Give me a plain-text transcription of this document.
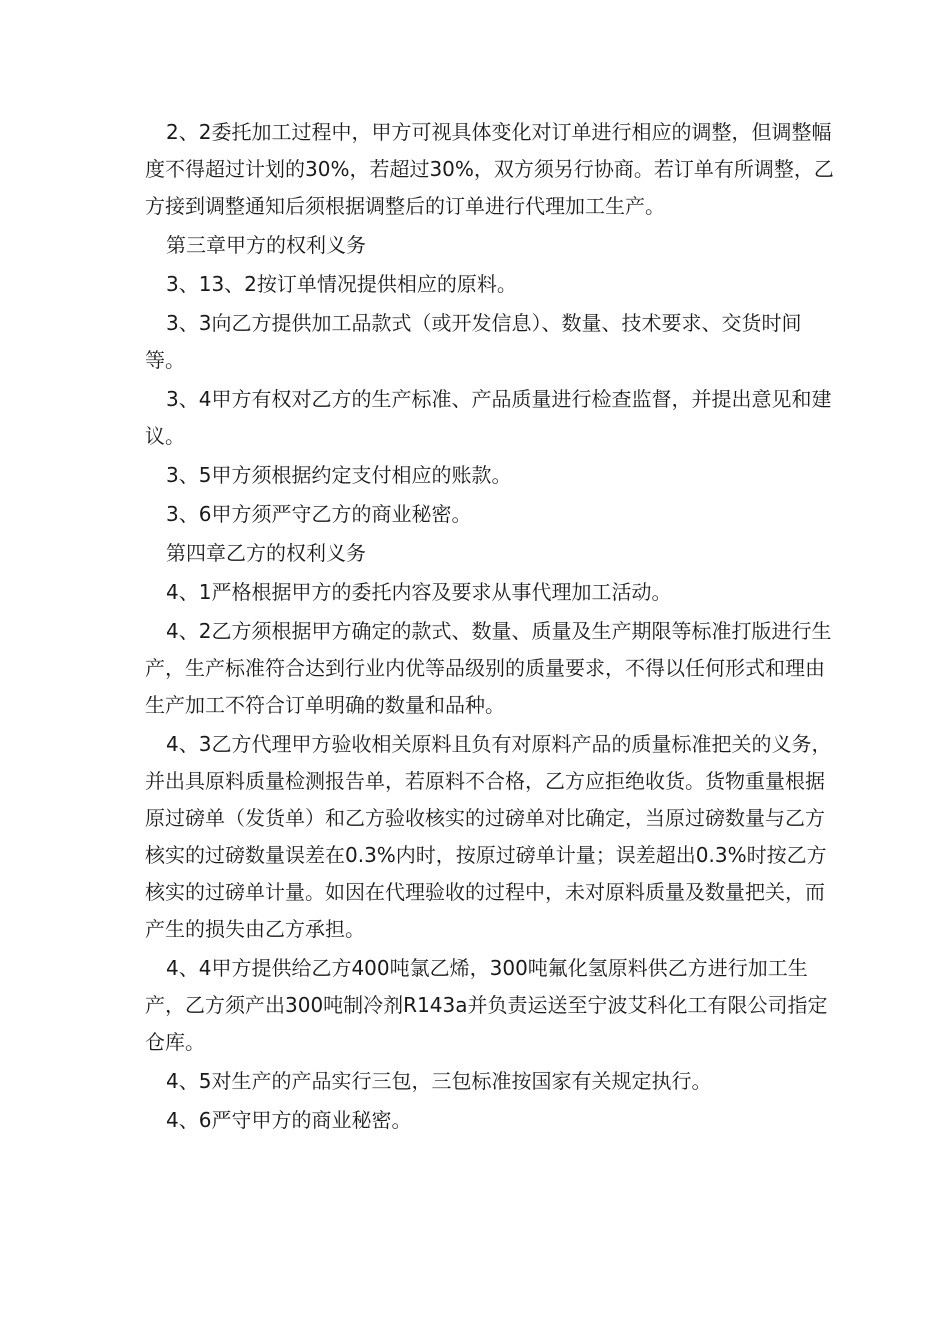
2、2委托加工过程中，甲方可视具体变化对订单进行相应的调整，但调整幅度不得超过计划的30%，若超过30%，双方须另行协商。若订单有所调整，乙方接到调整通知后须根据调整后的订单进行代理加工生产。

第三章甲方的权利义务

3、13、2按订单情况提供相应的原料。

3、3向乙方提供加工品款式（或开发信息）、数量、技术要求、交货时间等。

3、4甲方有权对乙方的生产标准、产品质量进行检查监督，并提出意见和建议。

3、5甲方须根据约定支付相应的账款。

3、6甲方须严守乙方的商业秘密。

第四章乙方的权利义务

4、1严格根据甲方的委托内容及要求从事代理加工活动。

4、2乙方须根据甲方确定的款式、数量、质量及生产期限等标准打版进行生产，生产标准符合达到行业内优等品级别的质量要求，不得以任何形式和理由生产加工不符合订单明确的数量和品种。

4、3乙方代理甲方验收相关原料且负有对原料产品的质量标准把关的义务，并出具原料质量检测报告单，若原料不合格，乙方应拒绝收货。货物重量根据原过磅单（发货单）和乙方验收核实的过磅单对比确定，当原过磅数量与乙方核实的过磅数量误差在0.3%内时，按原过磅单计量；误差超出0.3%时按乙方核实的过磅单计量。如因在代理验收的过程中，未对原料质量及数量把关，而产生的损失由乙方承担。

4、4甲方提供给乙方400吨氯乙烯，300吨氟化氢原料供乙方进行加工生产，乙方须产出300吨制冷剂R143a并负责运送至宁波艾科化工有限公司指定仓库。

4、5对生产的产品实行三包，三包标准按国家有关规定执行。

4、6严守甲方的商业秘密。
